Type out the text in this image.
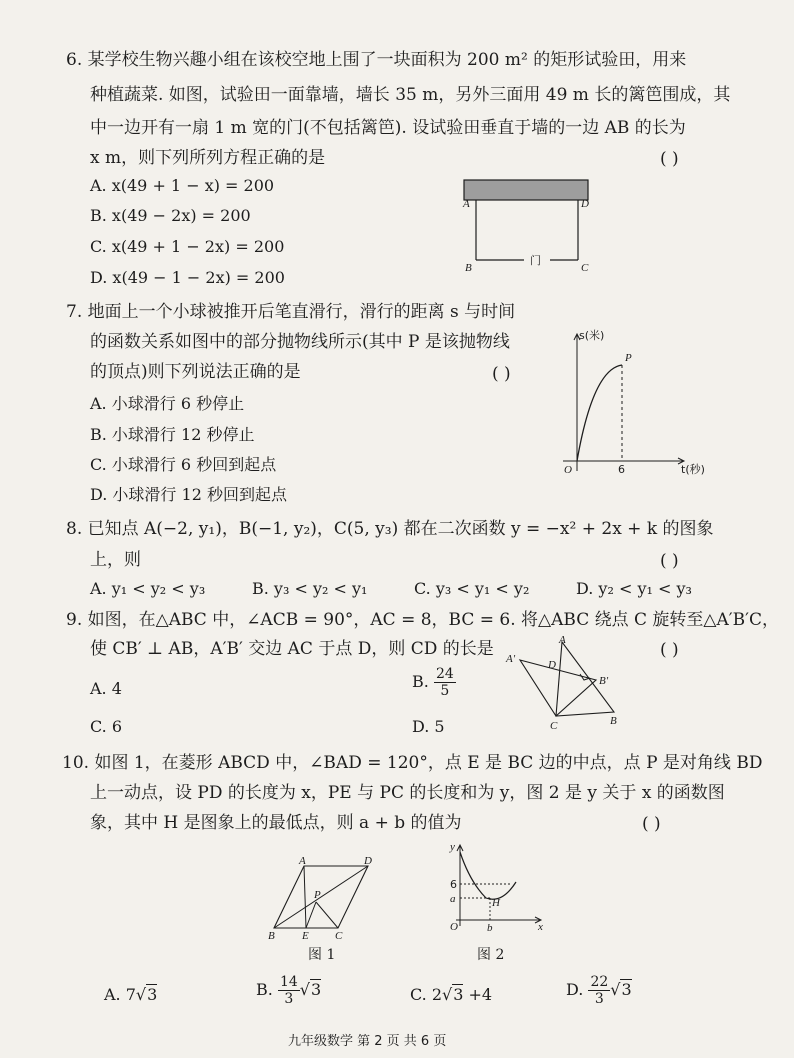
6. 某学校生物兴趣小组在该校空地上围了一块面积为 200 m² 的矩形试验田，用来
种植蔬菜. 如图，试验田一面靠墙，墙长 35 m，另外三面用 49 m 长的篱笆围成，其
中一边开有一扇 1 m 宽的门(不包括篱笆). 设试验田垂直于墙的一边 AB 的长为
x m，则下列所列方程正确的是	( )
A. x(49 + 1 − x) = 200
B. x(49 − 2x) = 200
C. x(49 + 1 − 2x) = 200
D. x(49 − 1 − 2x) = 200
A	D
B	C
门
7. 地面上一个小球被推开后笔直滑行，滑行的距离 s 与时间
的函数关系如图中的部分抛物线所示(其中 P 是该抛物线
的顶点)则下列说法正确的是	( )
A. 小球滑行 6 秒停止
B. 小球滑行 12 秒停止
C. 小球滑行 6 秒回到起点
D. 小球滑行 12 秒回到起点
s(米)
t(秒)
O	6
P
8. 已知点 A(−2, y₁)，B(−1, y₂)，C(5, y₃) 都在二次函数 y = −x² + 2x + k 的图象
上，则	( )
A. y₁ < y₂ < y₃	B. y₃ < y₂ < y₁	C. y₃ < y₁ < y₂	D. y₂ < y₁ < y₃
9. 如图，在△ABC 中，∠ACB = 90°，AC = 8，BC = 6. 将△ABC 绕点 C 旋转至△A′B′C，
使 CB′ ⊥ AB，A′B′ 交边 AC 于点 D，则 CD 的长是	( )
A. 4	B. $\frac{24}{5}$
C. 6	D. 5
A
A′	D
B′
C	B
10. 如图 1，在菱形 ABCD 中，∠BAD = 120°，点 E 是 BC 边的中点，点 P 是对角线 BD
上一动点，设 PD 的长度为 x，PE 与 PC 的长度和为 y，图 2 是 y 关于 x 的函数图
象，其中 H 是图象上的最低点，则 a + b 的值为	( )
A	D
B E C
P
图 1
y
x
O
6
a
b
H
图 2
A. 7√3	B. $\frac{14}{3} √3$	C. 2√3 +4	D. $\frac{22}{3} √3$
九年级数学 第 2 页 共 6 页
